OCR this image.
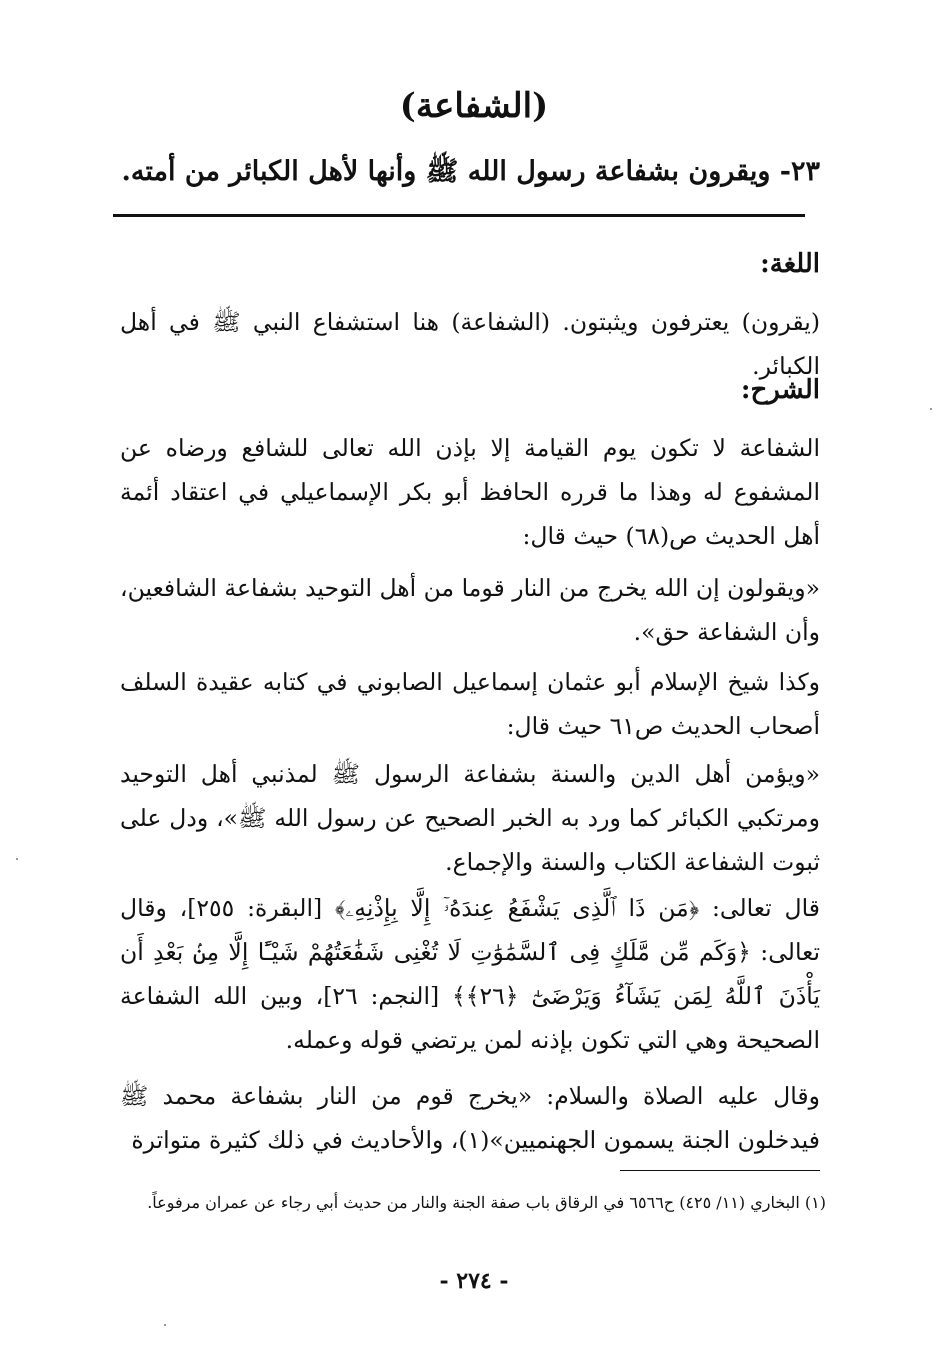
(الشفاعة)
٢٣- ويقرون بشفاعة رسول الله ﷺ وأنها لأهل الكبائر من أمته.
اللغة:
(يقرون) يعترفون ويثبتون. (الشفاعة) هنا استشفاع النبي ﷺ في أهل الكبائر.
الشرح:
الشفاعة لا تكون يوم القيامة إلا بإذن الله تعالى للشافع ورضاه عن المشفوع له وهذا ما قرره الحافظ أبو بكر الإسماعيلي في اعتقاد أئمة أهل الحديث ص(٦٨) حيث قال:
«ويقولون إن الله يخرج من النار قوما من أهل التوحيد بشفاعة الشافعين، وأن الشفاعة حق».
وكذا شيخ الإسلام أبو عثمان إسماعيل الصابوني في كتابه عقيدة السلف أصحاب الحديث ص٦١ حيث قال:
«ويؤمن أهل الدين والسنة بشفاعة الرسول ﷺ لمذنبي أهل التوحيد ومرتكبي الكبائر كما ورد به الخبر الصحيح عن رسول الله ﷺ»، ودل على ثبوت الشفاعة الكتاب والسنة والإجماع.
قال تعالى: ﴿مَن ذَا ٱلَّذِى يَشْفَعُ عِندَهُۥٓ إِلَّا بِإِذْنِهِۦ﴾ [البقرة: ٢٥٥]، وقال تعالى: ﴿وَكَم مِّن مَّلَكٍ فِى ٱلسَّمَٰوَٰتِ لَا تُغْنِى شَفَٰعَتُهُمْ شَيْـًٔا إِلَّا مِنۢ بَعْدِ أَن يَأْذَنَ ٱللَّهُ لِمَن يَشَآءُ وَيَرْضَىٰٓ ﴿٢٦﴾﴾ [النجم: ٢٦]، وبين الله الشفاعة الصحيحة وهي التي تكون بإذنه لمن يرتضي قوله وعمله.
وقال عليه الصلاة والسلام: «يخرج قوم من النار بشفاعة محمد ﷺ فيدخلون الجنة يسمون الجهنميين»(١)، والأحاديث في ذلك كثيرة متواترة
(١) البخاري (١١/ ٤٢٥) ح٦٥٦٦ في الرقاق باب صفة الجنة والنار من حديث أبي رجاء عن عمران مرفوعاً.
- ٢٧٤ -
